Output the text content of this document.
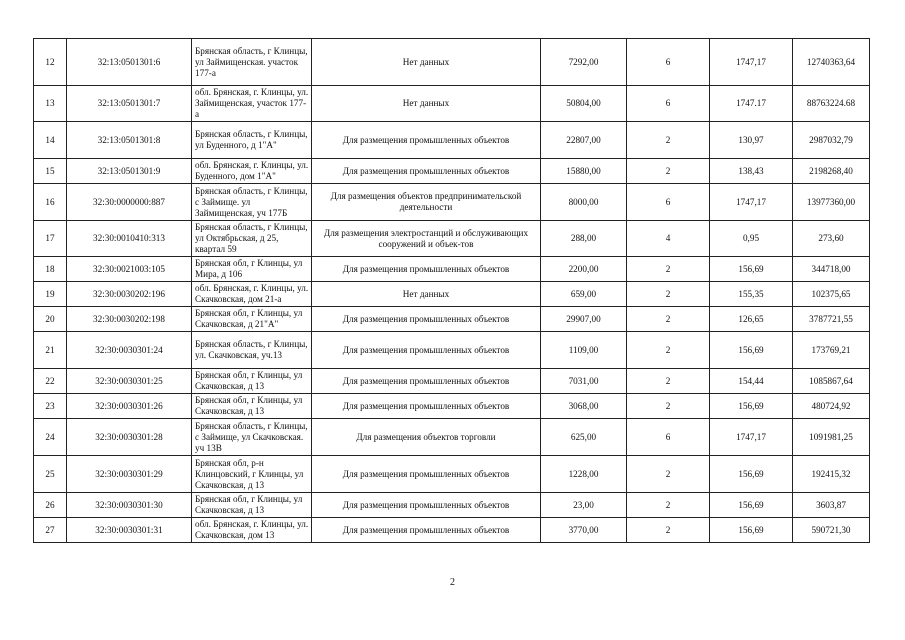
12	32:13:0501301:6	Брянская область, г Клинцы, ул Займищенская. участок 177-а	Нет данных	7292,00	6	1747,17	12740363,64
13	32:13:0501301:7	обл. Брянская, г. Клинцы, ул. Займищенская, участок 177-а	Нет данных	50804,00	6	1747.17	88763224.68
14	32:13:0501301:8	Брянская область, г Клинцы, ул Буденного, д 1"А"	Для размещения промышленных объектов	22807,00	2	130,97	2987032,79
15	32:13:0501301:9	обл. Брянская, г. Клинцы, ул. Буденного, дом 1"А"	Для размещения промышленных объектов	15880,00	2	138,43	2198268,40
16	32:30:0000000:887	Брянская область, г Клинцы, с Займище. ул Займищенская, уч 177Б	Для размещения объектов предпринимательской деятельности	8000,00	6	1747,17	13977360,00
17	32:30:0010410:313	Брянская область, г Клинцы, ул Октябрьская, д 25, квартал 59	Для размещения электростанций и обслуживающих сооружений и объек-тов	288,00	4	0,95	273,60
18	32:30:0021003:105	Брянская обл, г Клинцы, ул Мира, д 106	Для размещения промышленных объектов	2200,00	2	156,69	344718,00
19	32:30:0030202:196	обл. Брянская, г. Клинцы, ул. Скачковская, дом 21-а	Нет данных	659,00	2	155,35	102375,65
20	32:30:0030202:198	Брянская обл, г Клинцы, ул Скачковская, д 21"А"	Для размещения промышленных объектов	29907,00	2	126,65	3787721,55
21	32:30:0030301:24	Брянская область, г Клинцы, ул. Скачковская, уч.13	Для размещения промышленных объектов	1109,00	2	156,69	173769,21
22	32:30:0030301:25	Брянская обл, г Клинцы, ул Скачковская, д 13	Для размещения промышленных объектов	7031,00	2	154,44	1085867,64
23	32:30:0030301:26	Брянская обл, г Клинцы, ул Скачковская, д 13	Для размещения промышленных объектов	3068,00	2	156,69	480724,92
24	32:30:0030301:28	Брянская область, г Клинцы, с Займище, ул Скачковская. уч 13В	Для размещения объектов торговли	625,00	6	1747,17	1091981,25
25	32:30:0030301:29	Брянская обл, р-н Клинцовский, г Клинцы, ул Скачковская, д 13	Для размещения промышленных объектов	1228,00	2	156,69	192415,32
26	32:30:0030301:30	Брянская обл, г Клинцы, ул Скачковская, д 13	Для размещения промышленных объектов	23,00	2	156,69	3603,87
27	32:30:0030301:31	обл. Брянская, г. Клинцы, ул. Скачковская, дом 13	Для размещения промышленных объектов	3770,00	2	156,69	590721,30
2
